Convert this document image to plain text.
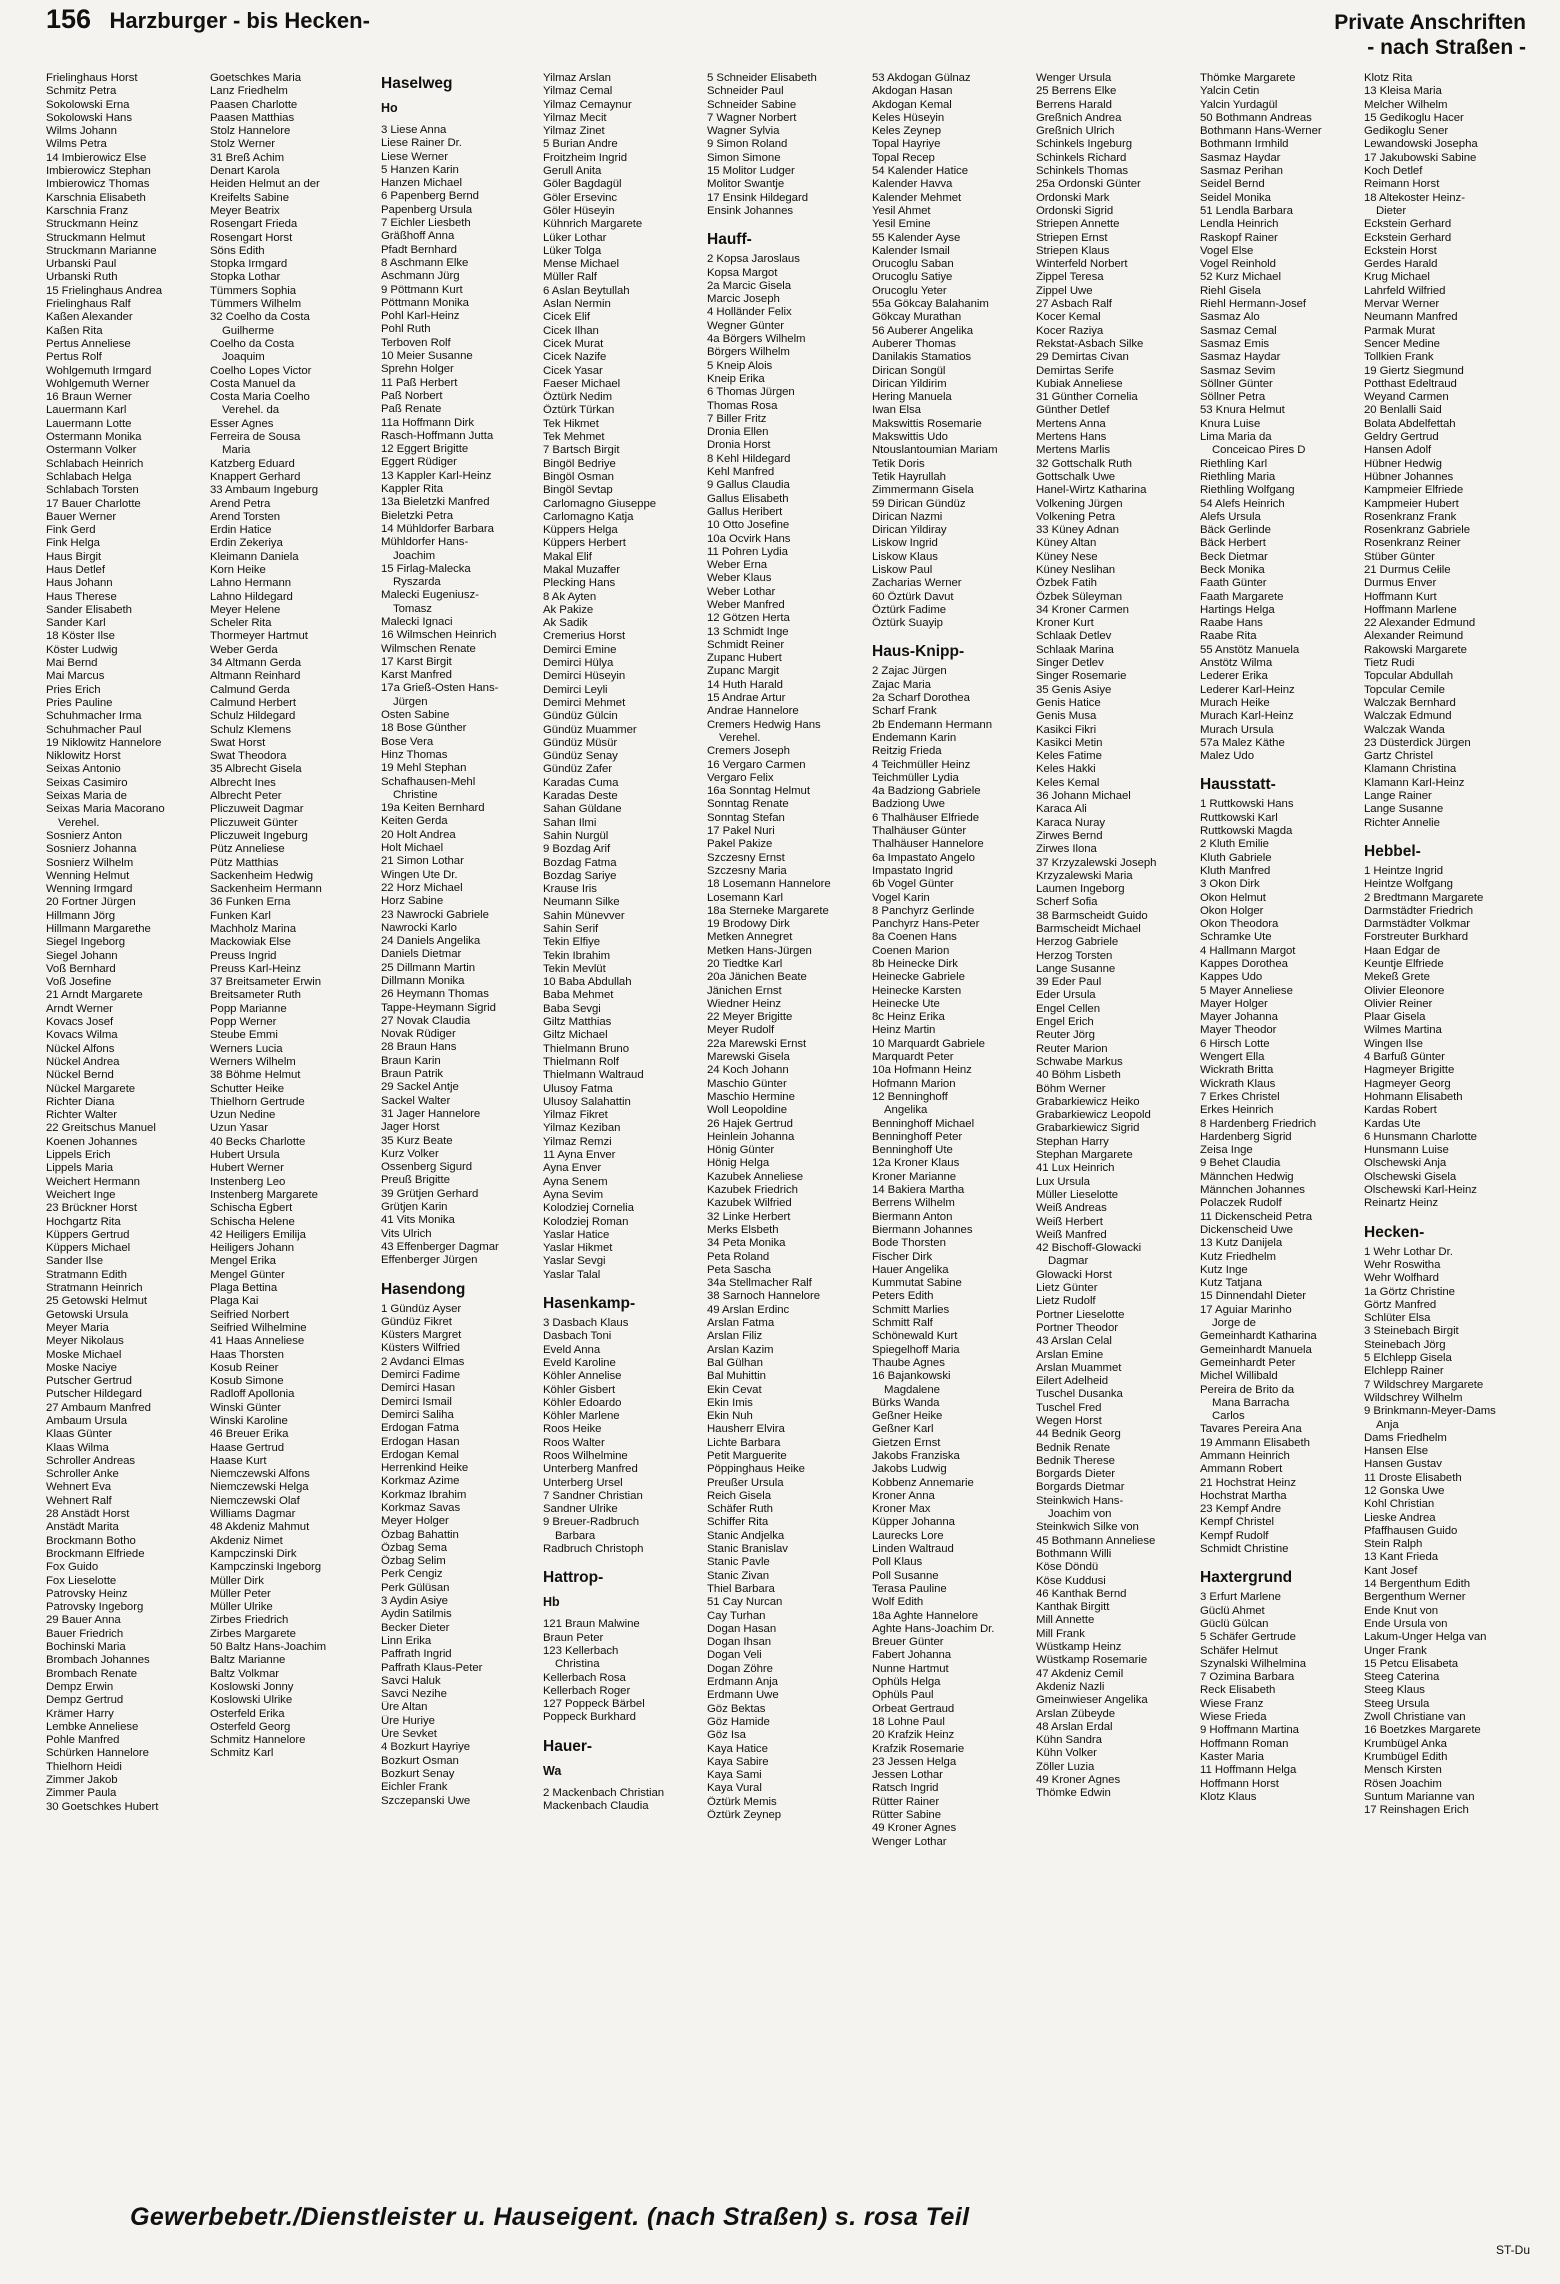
156 Harzburger - bis Hecken-	Private Anschriften
- nach Straßen -
Frielinghaus Horst
Schmitz Petra
Sokolowski Erna
Sokolowski Hans
Wilms Johann
Wilms Petra
14 Imbierowicz Else
Imbierowicz Stephan
Imbierowicz Thomas
Karschnia Elisabeth
Karschnia Franz
Struckmann Heinz
Struckmann Helmut
Struckmann Marianne
Urbanski Paul
Urbanski Ruth
15 Frielinghaus Andrea
Frielinghaus Ralf
Kaßen Alexander
Kaßen Rita
Pertus Anneliese
Pertus Rolf
Wohlgemuth Irmgard
Wohlgemuth Werner
16 Braun Werner
Lauermann Karl
Lauermann Lotte
Ostermann Monika
Ostermann Volker
Schlabach Heinrich
Schlabach Helga
Schlabach Torsten
17 Bauer Charlotte
Bauer Werner
Fink Gerd
Fink Helga
Haus Birgit
Haus Detlef
Haus Johann
Haus Therese
Sander Elisabeth
Sander Karl
18 Köster Ilse
Köster Ludwig
Mai Bernd
Mai Marcus
Pries Erich
Pries Pauline
Schuhmacher Irma
Schuhmacher Paul
19 Niklowitz Hannelore
Niklowitz Horst
Seixas Antonio
Seixas Casimiro
Seixas Maria de
Seixas Maria Macorano
Verehel.
Sosnierz Anton
Sosnierz Johanna
Sosnierz Wilhelm
Wenning Helmut
Wenning Irmgard
20 Fortner Jürgen
Hillmann Jörg
Hillmann Margarethe
Siegel Ingeborg
Siegel Johann
Voß Bernhard
Voß Josefine
21 Arndt Margarete
Arndt Werner
Kovacs Josef
Kovacs Wilma
Nückel Alfons
Nückel Andrea
Nückel Bernd
Nückel Margarete
Richter Diana
Richter Walter
22 Greitschus Manuel
Koenen Johannes
Lippels Erich
Lippels Maria
Weichert Hermann
Weichert Inge
23 Brückner Horst
Hochgartz Rita
Küppers Gertrud
Küppers Michael
Sander Ilse
Stratmann Edith
Stratmann Heinrich
25 Getowski Helmut
Getowski Ursula
Meyer Maria
Meyer Nikolaus
Moske Michael
Moske Naciye
Putscher Gertrud
Putscher Hildegard
27 Ambaum Manfred
Ambaum Ursula
Klaas Günter
Klaas Wilma
Schroller Andreas
Schroller Anke
Wehnert Eva
Wehnert Ralf
28 Anstädt Horst
Anstädt Marita
Brockmann Botho
Brockmann Elfriede
Fox Guido
Fox Lieselotte
Patrovsky Heinz
Patrovsky Ingeborg
29 Bauer Anna
Bauer Friedrich
Bochinski Maria
Brombach Johannes
Brombach Renate
Dempz Erwin
Dempz Gertrud
Krämer Harry
Lembke Anneliese
Pohle Manfred
Schürken Hannelore
Thielhorn Heidi
Zimmer Jakob
Zimmer Paula
30 Goetschkes Hubert
Goetschkes Maria
Lanz Friedhelm
Paasen Charlotte
Paasen Matthias
Stolz Hannelore
Stolz Werner
31 Breß Achim
Denart Karola
Heiden Helmut an der
Kreifelts Sabine
Meyer Beatrix
Rosengart Frieda
Rosengart Horst
Söns Edith
Stopka Irmgard
Stopka Lothar
Tümmers Sophia
Tümmers Wilhelm
32 Coelho da Costa
Guilherme
Coelho da Costa
Joaquim
Coelho Lopes Victor
Costa Manuel da
Costa Maria Coelho
Verehel. da
Esser Agnes
Ferreira de Sousa
Maria
Katzberg Eduard
Knappert Gerhard
33 Ambaum Ingeburg
Arend Petra
Arend Torsten
Erdin Hatice
Erdin Zekeriya
Kleimann Daniela
Korn Heike
Lahno Hermann
Lahno Hildegard
Meyer Helene
Scheler Rita
Thormeyer Hartmut
Weber Gerda
34 Altmann Gerda
Altmann Reinhard
Calmund Gerda
Calmund Herbert
Schulz Hildegard
Schulz Klemens
Swat Horst
Swat Theodora
35 Albrecht Gisela
Albrecht Ines
Albrecht Peter
Pliczuweit Dagmar
Pliczuweit Günter
Pliczuweit Ingeburg
Pütz Anneliese
Pütz Matthias
Sackenheim Hedwig
Sackenheim Hermann
36 Funken Erna
Funken Karl
Machholz Marina
Mackowiak Else
Preuss Ingrid
Preuss Karl-Heinz
37 Breitsameter Erwin
Breitsameter Ruth
Popp Marianne
Popp Werner
Steube Emmi
Werners Lucia
Werners Wilhelm
38 Böhme Helmut
Schutter Heike
Thielhorn Gertrude
Uzun Nedine
Uzun Yasar
40 Becks Charlotte
Hubert Ursula
Hubert Werner
Instenberg Leo
Instenberg Margarete
Schischa Egbert
Schischa Helene
42 Heiligers Emilija
Heiligers Johann
Mengel Erika
Mengel Günter
Plaga Bettina
Plaga Kai
Seifried Norbert
Seifried Wilhelmine
41 Haas Anneliese
Haas Thorsten
Kosub Reiner
Kosub Simone
Radloff Apollonia
Winski Günter
Winski Karoline
46 Breuer Erika
Haase Gertrud
Haase Kurt
Niemczewski Alfons
Niemczewski Helga
Niemczewski Olaf
Williams Dagmar
48 Akdeniz Mahmut
Akdeniz Nimet
Kampczinski Dirk
Kampczinski Ingeborg
Müller Dirk
Müller Peter
Müller Ulrike
Zirbes Friedrich
Zirbes Margarete
50 Baltz Hans-Joachim
Baltz Marianne
Baltz Volkmar
Koslowski Jonny
Koslowski Ulrike
Osterfeld Erika
Osterfeld Georg
Schmitz Hannelore
Schmitz Karl
Haselweg
Ho
3 Liese Anna
Liese Rainer Dr.
Liese Werner
5 Hanzen Karin
Hanzen Michael
6 Papenberg Bernd
Papenberg Ursula
7 Eichler Liesbeth
Gräßhoff Anna
Pfadt Bernhard
8 Aschmann Elke
Aschmann Jürg
9 Pöttmann Kurt
Pöttmann Monika
Pohl Karl-Heinz
Pohl Ruth
Terboven Rolf
10 Meier Susanne
Sprehn Holger
11 Paß Herbert
Paß Norbert
Paß Renate
11a Hoffmann Dirk
Rasch-Hoffmann Jutta
12 Eggert Brigitte
Eggert Rüdiger
13 Kappler Karl-Heinz
Kappler Rita
13a Bieletzki Manfred
Bieletzki Petra
14 Mühldorfer Barbara
Mühldorfer Hans-
Joachim
15 Firlag-Malecka
Ryszarda
Malecki Eugeniusz-
Tomasz
Malecki Ignaci
16 Wilmschen Heinrich
Wilmschen Renate
17 Karst Birgit
Karst Manfred
17a Grieß-Osten Hans-
Jürgen
Osten Sabine
18 Bose Günther
Bose Vera
Hinz Thomas
19 Mehl Stephan
Schafhausen-Mehl
Christine
19a Keiten Bernhard
Keiten Gerda
20 Holt Andrea
Holt Michael
21 Simon Lothar
Wingen Ute Dr.
22 Horz Michael
Horz Sabine
23 Nawrocki Gabriele
Nawrocki Karlo
24 Daniels Angelika
Daniels Dietmar
25 Dillmann Martin
Dillmann Monika
26 Heymann Thomas
Tappe-Heymann Sigrid
27 Novak Claudia
Novak Rüdiger
28 Braun Hans
Braun Karin
Braun Patrik
29 Sackel Antje
Sackel Walter
31 Jager Hannelore
Jager Horst
35 Kurz Beate
Kurz Volker
Ossenberg Sigurd
Preuß Brigitte
39 Grütjen Gerhard
Grütjen Karin
41 Vits Monika
Vits Ulrich
43 Effenberger Dagmar
Effenberger Jürgen
Hasendong
1 Gündüz Ayser
Gündüz Fikret
Küsters Margret
Küsters Wilfried
2 Avdanci Elmas
Demirci Fadime
Demirci Hasan
Demirci Ismail
Demirci Saliha
Erdogan Fatma
Erdogan Hasan
Erdogan Kemal
Herrenkind Heike
Korkmaz Azime
Korkmaz Ibrahim
Korkmaz Savas
Meyer Holger
Özbag Bahattin
Özbag Sema
Özbag Selim
Perk Cengiz
Perk Gülüsan
3 Aydin Asiye
Aydin Satilmis
Becker Dieter
Linn Erika
Paffrath Ingrid
Paffrath Klaus-Peter
Savci Haluk
Savci Nezihe
Üre Altan
Üre Huriye
Üre Sevket
4 Bozkurt Hayriye
Bozkurt Osman
Bozkurt Senay
Eichler Frank
Szczepanski Uwe
Yilmaz Arslan
Yilmaz Cemal
Yilmaz Cemaynur
Yilmaz Mecit
Yilmaz Zinet
5 Burian Andre
Froitzheim Ingrid
Gerull Anita
Göler Bagdagül
Göler Ersevinc
Göler Hüseyin
Kühnrich Margarete
Lüker Lothar
Lüker Tolga
Mense Michael
Müller Ralf
6 Aslan Beytullah
Aslan Nermin
Cicek Elif
Cicek Ilhan
Cicek Murat
Cicek Nazife
Cicek Yasar
Faeser Michael
Öztürk Nedim
Öztürk Türkan
Tek Hikmet
Tek Mehmet
7 Bartsch Birgit
Bingöl Bedriye
Bingöl Osman
Bingöl Sevtap
Carlomagno Giuseppe
Carlomagno Katja
Küppers Helga
Küppers Herbert
Makal Elif
Makal Muzaffer
Plecking Hans
8 Ak Ayten
Ak Pakize
Ak Sadik
Cremerius Horst
Demirci Emine
Demirci Hülya
Demirci Hüseyin
Demirci Leyli
Demirci Mehmet
Gündüz Gülcin
Gündüz Muammer
Gündüz Müsür
Gündüz Senay
Gündüz Zafer
Karadas Cuma
Karadas Deste
Sahan Güldane
Sahan Ilmi
Sahin Nurgül
9 Bozdag Arif
Bozdag Fatma
Bozdag Sariye
Krause Iris
Neumann Silke
Sahin Münevver
Sahin Serif
Tekin Elfiye
Tekin Ibrahim
Tekin Mevlüt
10 Baba Abdullah
Baba Mehmet
Baba Sevgi
Giltz Matthias
Giltz Michael
Thielmann Bruno
Thielmann Rolf
Thielmann Waltraud
Ulusoy Fatma
Ulusoy Salahattin
Yilmaz Fikret
Yilmaz Keziban
Yilmaz Remzi
11 Ayna Enver
Ayna Enver
Ayna Senem
Ayna Sevim
Kolodziej Cornelia
Kolodziej Roman
Yaslar Hatice
Yaslar Hikmet
Yaslar Sevgi
Yaslar Talal
Hasenkamp-
3 Dasbach Klaus
Dasbach Toni
Eveld Anna
Eveld Karoline
Köhler Annelise
Köhler Gisbert
Köhler Edoardo
Köhler Marlene
Roos Heike
Roos Walter
Roos Wilhelmine
Unterberg Manfred
Unterberg Ursel
7 Sandner Christian
Sandner Ulrike
9 Breuer-Radbruch
Barbara
Radbruch Christoph
Hattrop-
Hb
121 Braun Malwine
Braun Peter
123 Kellerbach
Christina
Kellerbach Rosa
Kellerbach Roger
127 Poppeck Bärbel
Poppeck Burkhard
Hauer-
Wa
2 Mackenbach Christian
Mackenbach Claudia
5 Schneider Elisabeth
Schneider Paul
Schneider Sabine
7 Wagner Norbert
Wagner Sylvia
9 Simon Roland
Simon Simone
15 Molitor Ludger
Molitor Swantje
17 Ensink Hildegard
Ensink Johannes
Hauff-
2 Kopsa Jaroslaus
Kopsa Margot
2a Marcic Gisela
Marcic Joseph
4 Holländer Felix
Wegner Günter
4a Börgers Wilhelm
Börgers Wilhelm
5 Kneip Alois
Kneip Erika
6 Thomas Jürgen
Thomas Rosa
7 Biller Fritz
Dronia Ellen
Dronia Horst
8 Kehl Hildegard
Kehl Manfred
9 Gallus Claudia
Gallus Elisabeth
Gallus Heribert
10 Otto Josefine
10a Ocvirk Hans
11 Pohren Lydia
Weber Erna
Weber Klaus
Weber Lothar
Weber Manfred
12 Götzen Herta
13 Schmidt Inge
Schmidt Reiner
Zupanc Hubert
Zupanc Margit
14 Huth Harald
15 Andrae Artur
Andrae Hannelore
Cremers Hedwig Hans
Verehel.
Cremers Joseph
16 Vergaro Carmen
Vergaro Felix
16a Sonntag Helmut
Sonntag Renate
Sonntag Stefan
17 Pakel Nuri
Pakel Pakize
Szczesny Ernst
Szczesny Maria
18 Losemann Hannelore
Losemann Karl
18a Sterneke Margarete
19 Brodowy Dirk
Metken Annegret
Metken Hans-Jürgen
20 Tiedtke Karl
20a Jänichen Beate
Jänichen Ernst
Wiedner Heinz
22 Meyer Brigitte
Meyer Rudolf
22a Marewski Ernst
Marewski Gisela
24 Koch Johann
Maschio Günter
Maschio Hermine
Woll Leopoldine
26 Hajek Gertrud
Heinlein Johanna
Hönig Günter
Hönig Helga
Kazubek Anneliese
Kazubek Friedrich
Kazubek Wilfried
32 Linke Herbert
Merks Elsbeth
34 Peta Monika
Peta Roland
Peta Sascha
34a Stellmacher Ralf
38 Sarnoch Hannelore
49 Arslan Erdinc
Arslan Fatma
Arslan Filiz
Arslan Kazim
Bal Gülhan
Bal Muhittin
Ekin Cevat
Ekin Imis
Ekin Nuh
Hausherr Elvira
Lichte Barbara
Petit Marguerite
Pöppinghaus Heike
Preußer Ursula
Reich Gisela
Schäfer Ruth
Schiffer Rita
Stanic Andjelka
Stanic Branislav
Stanic Pavle
Stanic Zivan
Thiel Barbara
51 Cay Nurcan
Cay Turhan
Dogan Hasan
Dogan Ihsan
Dogan Veli
Dogan Zöhre
Erdmann Anja
Erdmann Uwe
Göz Bektas
Göz Hamide
Göz Isa
Kaya Hatice
Kaya Sabire
Kaya Sami
Kaya Vural
Öztürk Memis
Öztürk Zeynep
53 Akdogan Gülnaz
Akdogan Hasan
Akdogan Kemal
Keles Hüseyin
Keles Zeynep
Topal Hayriye
Topal Recep
54 Kalender Hatice
Kalender Havva
Kalender Mehmet
Yesil Ahmet
Yesil Emine
55 Kalender Ayse
Kalender Ismail
Orucoglu Saban
Orucoglu Satiye
Orucoglu Yeter
55a Gökcay Balahanim
Gökcay Murathan
56 Auberer Angelika
Auberer Thomas
Danilakis Stamatios
Dirican Songül
Dirican Yildirim
Hering Manuela
Iwan Elsa
Makswittis Rosemarie
Makswittis Udo
Ntouslantoumian Mariam
Tetik Doris
Tetik Hayrullah
Zimmermann Gisela
59 Dirican Gündüz
Dirican Nazmi
Dirican Yildiray
Liskow Ingrid
Liskow Klaus
Liskow Paul
Zacharias Werner
60 Öztürk Davut
Öztürk Fadime
Öztürk Suayip
Haus-Knipp-
2 Zajac Jürgen
Zajac Maria
2a Scharf Dorothea
Scharf Frank
2b Endemann Hermann
Endemann Karin
Reitzig Frieda
4 Teichmüller Heinz
Teichmüller Lydia
4a Badziong Gabriele
Badziong Uwe
6 Thalhäuser Elfriede
Thalhäuser Günter
Thalhäuser Hannelore
6a Impastato Angelo
Impastato Ingrid
6b Vogel Günter
Vogel Karin
8 Panchyrz Gerlinde
Panchyrz Hans-Peter
8a Coenen Hans
Coenen Marion
8b Heinecke Dirk
Heinecke Gabriele
Heinecke Karsten
Heinecke Ute
8c Heinz Erika
Heinz Martin
10 Marquardt Gabriele
Marquardt Peter
10a Hofmann Heinz
Hofmann Marion
12 Benninghoff
Angelika
Benninghoff Michael
Benninghoff Peter
Benninghoff Ute
12a Kroner Klaus
Kroner Marianne
14 Bakiera Martha
Berrens Wilhelm
Biermann Anton
Biermann Johannes
Bode Thorsten
Fischer Dirk
Hauer Angelika
Kummutat Sabine
Peters Edith
Schmitt Marlies
Schmitt Ralf
Schönewald Kurt
Spiegelhoff Maria
Thaube Agnes
16 Bajankowski
Magdalene
Bürks Wanda
Geßner Heike
Geßner Karl
Gietzen Ernst
Jakobs Franziska
Jakobs Ludwig
Kobbenz Annemarie
Kroner Anna
Kroner Max
Küpper Johanna
Laurecks Lore
Linden Waltraud
Poll Klaus
Poll Susanne
Terasa Pauline
Wolf Edith
18a Aghte Hannelore
Aghte Hans-Joachim Dr.
Breuer Günter
Fabert Johanna
Nunne Hartmut
Ophüls Helga
Ophüls Paul
Orbeat Gertraud
18 Lohne Paul
20 Krafzik Heinz
Krafzik Rosemarie
23 Jessen Helga
Jessen Lothar
Ratsch Ingrid
Rütter Rainer
Rütter Sabine
49 Kroner Agnes
Wenger Lothar
Wenger Ursula
25 Berrens Elke
Berrens Harald
Greßnich Andrea
Greßnich Ulrich
Schinkels Ingeburg
Schinkels Richard
Schinkels Thomas
25a Ordonski Günter
Ordonski Mark
Ordonski Sigrid
Striepen Annette
Striepen Ernst
Striepen Klaus
Winterfeld Norbert
Zippel Teresa
Zippel Uwe
27 Asbach Ralf
Kocer Kemal
Kocer Raziya
Rekstat-Asbach Silke
29 Demirtas Civan
Demirtas Serife
Kubiak Anneliese
31 Günther Cornelia
Günther Detlef
Mertens Anna
Mertens Hans
Mertens Marlis
32 Gottschalk Ruth
Gottschalk Uwe
Hanel-Wirtz Katharina
Volkening Jürgen
Volkening Petra
33 Küney Adnan
Küney Altan
Küney Nese
Küney Neslihan
Özbek Fatih
Özbek Süleyman
34 Kroner Carmen
Kroner Kurt
Schlaak Detlev
Schlaak Marina
Singer Detlev
Singer Rosemarie
35 Genis Asiye
Genis Hatice
Genis Musa
Kasikci Fikri
Kasikci Metin
Keles Fatime
Keles Hakki
Keles Kemal
36 Johann Michael
Karaca Ali
Karaca Nuray
Zirwes Bernd
Zirwes Ilona
37 Krzyzalewski Joseph
Krzyzalewski Maria
Laumen Ingeborg
Scherf Sofia
38 Barmscheidt Guido
Barmscheidt Michael
Herzog Gabriele
Herzog Torsten
Lange Susanne
39 Eder Paul
Eder Ursula
Engel Cellen
Engel Erich
Reuter Jörg
Reuter Marion
Schwabe Markus
40 Böhm Lisbeth
Böhm Werner
Grabarkiewicz Heiko
Grabarkiewicz Leopold
Grabarkiewicz Sigrid
Stephan Harry
Stephan Margarete
41 Lux Heinrich
Lux Ursula
Müller Lieselotte
Weiß Andreas
Weiß Herbert
Weiß Manfred
42 Bischoff-Glowacki
Dagmar
Glowacki Horst
Lietz Günter
Lietz Rudolf
Portner Lieselotte
Portner Theodor
43 Arslan Celal
Arslan Emine
Arslan Muammet
Eilert Adelheid
Tuschel Dusanka
Tuschel Fred
Wegen Horst
44 Bednik Georg
Bednik Renate
Bednik Therese
Borgards Dieter
Borgards Dietmar
Steinkwich Hans-
Joachim von
Steinkwich Silke von
45 Bothmann Anneliese
Bothmann Willi
Köse Döndü
Köse Kuddusi
46 Kanthak Bernd
Kanthak Birgitt
Mill Annette
Mill Frank
Wüstkamp Heinz
Wüstkamp Rosemarie
47 Akdeniz Cemil
Akdeniz Nazli
Gmeinwieser Angelika
Arslan Zübeyde
48 Arslan Erdal
Kühn Sandra
Kühn Volker
Zöller Luzia
49 Kroner Agnes
Thömke Edwin
Thömke Margarete
Yalcin Cetin
Yalcin Yurdagül
50 Bothmann Andreas
Bothmann Hans-Werner
Bothmann Irmhild
Sasmaz Haydar
Sasmaz Perihan
Seidel Bernd
Seidel Monika
51 Lendla Barbara
Lendla Heinrich
Raskopf Rainer
Vogel Else
Vogel Reinhold
52 Kurz Michael
Riehl Gisela
Riehl Hermann-Josef
Sasmaz Alo
Sasmaz Cemal
Sasmaz Emis
Sasmaz Haydar
Sasmaz Sevim
Söllner Günter
Söllner Petra
53 Knura Helmut
Knura Luise
Lima Maria da
Conceicao Pires D
Riethling Karl
Riethling Maria
Riethling Wolfgang
54 Alefs Heinrich
Alefs Ursula
Bäck Gerlinde
Bäck Herbert
Beck Dietmar
Beck Monika
Faath Günter
Faath Margarete
Hartings Helga
Raabe Hans
Raabe Rita
55 Anstötz Manuela
Anstötz Wilma
Lederer Erika
Lederer Karl-Heinz
Murach Heike
Murach Karl-Heinz
Murach Ursula
57a Malez Käthe
Malez Udo
Hausstatt-
1 Ruttkowski Hans
Ruttkowski Karl
Ruttkowski Magda
2 Kluth Emilie
Kluth Gabriele
Kluth Manfred
3 Okon Dirk
Okon Helmut
Okon Holger
Okon Theodora
Schramke Ute
4 Hallmann Margot
Kappes Dorothea
Kappes Udo
5 Mayer Anneliese
Mayer Holger
Mayer Johanna
Mayer Theodor
6 Hirsch Lotte
Wengert Ella
Wickrath Britta
Wickrath Klaus
7 Erkes Christel
Erkes Heinrich
8 Hardenberg Friedrich
Hardenberg Sigrid
Zeisa Inge
9 Behet Claudia
Männchen Hedwig
Männchen Johannes
Polaczek Rudolf
11 Dickenscheid Petra
Dickenscheid Uwe
13 Kutz Danijela
Kutz Friedhelm
Kutz Inge
Kutz Tatjana
15 Dinnendahl Dieter
17 Aguiar Marinho
Jorge de
Gemeinhardt Katharina
Gemeinhardt Manuela
Gemeinhardt Peter
Michel Willibald
Pereira de Brito da
Mana Barracha
Carlos
Tavares Pereira Ana
19 Ammann Elisabeth
Ammann Heinrich
Ammann Robert
21 Hochstrat Heinz
Hochstrat Martha
23 Kempf Andre
Kempf Christel
Kempf Rudolf
Schmidt Christine
Haxtergrund
3 Erfurt Marlene
Güclü Ahmet
Güclü Gülcan
5 Schäfer Gertrude
Schäfer Helmut
Szynalski Wilhelmina
7 Ozimina Barbara
Reck Elisabeth
Wiese Franz
Wiese Frieda
9 Hoffmann Martina
Hoffmann Roman
Kaster Maria
11 Hoffmann Helga
Hoffmann Horst
Klotz Klaus
Klotz Rita
13 Kleisa Maria
Melcher Wilhelm
15 Gedikoglu Hacer
Gedikoglu Sener
Lewandowski Josepha
17 Jakubowski Sabine
Koch Detlef
Reimann Horst
18 Altekoster Heinz-
Dieter
Eckstein Gerhard
Eckstein Gerhard
Eckstein Horst
Gerdes Harald
Krug Michael
Lahrfeld Wilfried
Mervar Werner
Neumann Manfred
Parmak Murat
Sencer Medine
Tollkien Frank
19 Giertz Siegmund
Potthast Edeltraud
Weyand Carmen
20 Benlalli Said
Bolata Abdelfettah
Geldry Gertrud
Hansen Adolf
Hübner Hedwig
Hübner Johannes
Kampmeier Elfriede
Kampmeier Hubert
Rosenkranz Frank
Rosenkranz Gabriele
Rosenkranz Reiner
Stüber Günter
21 Durmus Cełile
Durmus Enver
Hoffmann Kurt
Hoffmann Marlene
22 Alexander Edmund
Alexander Reimund
Rakowski Margarete
Tietz Rudi
Topcular Abdullah
Topcular Cemile
Walczak Bernhard
Walczak Edmund
Walczak Wanda
23 Düsterdick Jürgen
Gartz Christel
Klamann Christina
Klamann Karl-Heinz
Lange Rainer
Lange Susanne
Richter Annelie
Hebbel-
1 Heintze Ingrid
Heintze Wolfgang
2 Bredtmann Margarete
Darmstädter Friedrich
Darmstädter Volkmar
Forstreuter Burkhard
Haan Edgar de
Keuntje Elfriede
Mekeß Grete
Olivier Eleonore
Olivier Reiner
Plaar Gisela
Wilmes Martina
Wingen Ilse
4 Barfuß Günter
Hagmeyer Brigitte
Hagmeyer Georg
Hohmann Elisabeth
Kardas Robert
Kardas Ute
6 Hunsmann Charlotte
Hunsmann Luise
Olschewski Anja
Olschewski Gisela
Olschewski Karl-Heinz
Reinartz Heinz
Hecken-
1 Wehr Lothar Dr.
Wehr Roswitha
Wehr Wolfhard
1a Görtz Christine
Görtz Manfred
Schlüter Elsa
3 Steinebach Birgit
Steinebach Jörg
5 Elchlepp Gisela
Elchlepp Rainer
7 Wildschrey Margarete
Wildschrey Wilhelm
9 Brinkmann-Meyer-Dams
Anja
Dams Friedhelm
Hansen Else
Hansen Gustav
11 Droste Elisabeth
12 Gonska Uwe
Kohl Christian
Lieske Andrea
Pfaffhausen Guido
Stein Ralph
13 Kant Frieda
Kant Josef
14 Bergenthum Edith
Bergenthum Werner
Ende Knut von
Ende Ursula von
Lakum-Unger Helga van
Unger Frank
15 Petcu Elisabeta
Steeg Caterina
Steeg Klaus
Steeg Ursula
Zwoll Christiane van
16 Boetzkes Margarete
Krumbügel Anka
Krumbügel Edith
Mensch Kirsten
Rösen Joachim
Suntum Marianne van
17 Reinshagen Erich
Gewerbebetr./Dienstleister u. Hauseigent. (nach Straßen) s. rosa Teil
ST-Du
